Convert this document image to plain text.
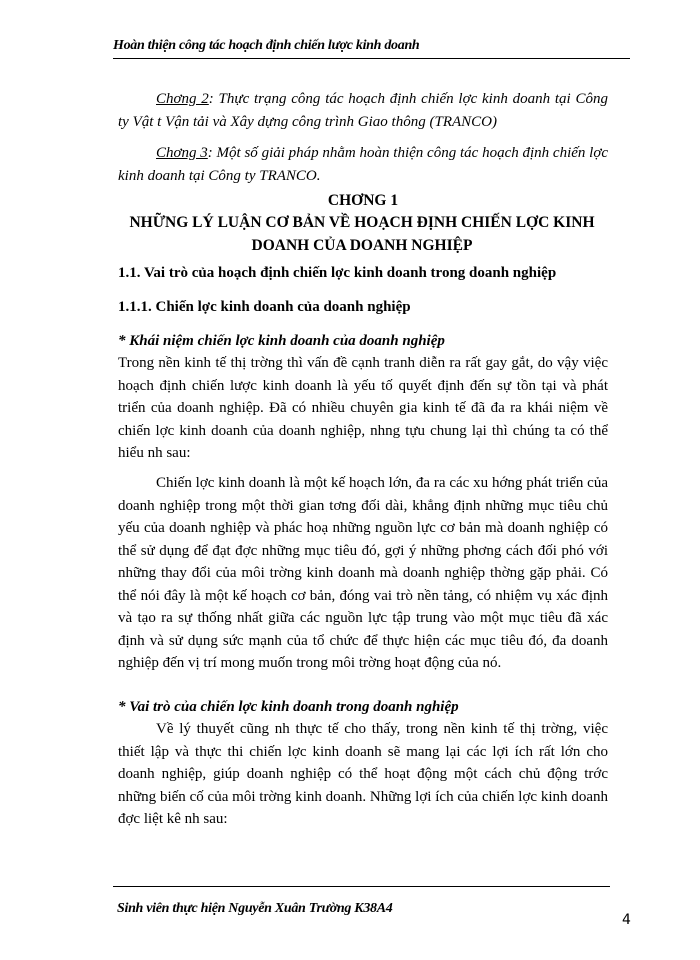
Hoàn thiện công tác hoạch định chiến lược kinh doanh
Chơng 2: Thực trạng công tác hoạch định chiến lợc kinh doanh tại Công ty Vật t Vận tải và Xây dựng công trình Giao thông (TRANCO)
Chơng 3: Một số giải pháp nhằm hoàn thiện công tác hoạch định chiến lợc kinh doanh tại Công ty TRANCO.
CHƠNG 1
NHỮNG LÝ LUẬN CƠ BẢN VỀ HOẠCH ĐỊNH CHIẾN LỢC KINH DOANH CỦA DOANH NGHIỆP
1.1. Vai trò của hoạch định chiến lợc kinh doanh trong doanh nghiệp
1.1.1. Chiến lợc kinh doanh của doanh nghiệp
* Khái niệm chiến lợc kinh doanh của doanh nghiệp
Trong nền kinh tế thị trờng thì vấn đề cạnh tranh diễn ra rất gay gắt, do vậy việc hoạch định chiến lược kinh doanh là yếu tố quyết định đến sự tồn tại và phát triển của doanh nghiệp. Đã có nhiều chuyên gia kinh tế đã đa ra khái niệm về chiến lợc kinh doanh của doanh nghiệp, nhng tựu chung lại thì chúng ta có thể hiểu nh sau:
Chiến lợc kinh doanh là một kế hoạch lớn, đa ra các xu hớng phát triển của doanh nghiệp trong một thời gian tơng đối dài, khẳng định những mục tiêu chủ yếu của doanh nghiệp và phác hoạ những nguồn lực cơ bản mà doanh nghiệp có thể sử dụng để đạt đợc những mục tiêu đó, gợi ý những phơng cách đối phó với những thay đổi của môi trờng kinh doanh mà doanh nghiệp thờng gặp phải. Có thể nói đây là một kế hoạch cơ bản, đóng vai trò nền tảng, có nhiệm vụ xác định và tạo ra sự thống nhất giữa các nguồn lực tập trung vào một mục tiêu đã xác định và sử dụng sức mạnh của tổ chức để thực hiện các mục tiêu đó, đa doanh nghiệp đến vị trí mong muốn trong môi trờng hoạt động của nó.
* Vai trò của chiến lợc kinh doanh trong doanh nghiệp
Về lý thuyết cũng nh thực tế cho thấy, trong nền kinh tế thị trờng, việc thiết lập và thực thi chiến lợc kinh doanh sẽ mang lại các lợi ích rất lớn cho doanh nghiệp, giúp doanh nghiệp có thể hoạt động một cách chủ động trớc những biến cố của môi trờng kinh doanh. Những lợi ích của chiến lợc kinh doanh đợc liệt kê nh sau:
Sinh viên thực hiện Nguyễn Xuân Trường K38A4
4
